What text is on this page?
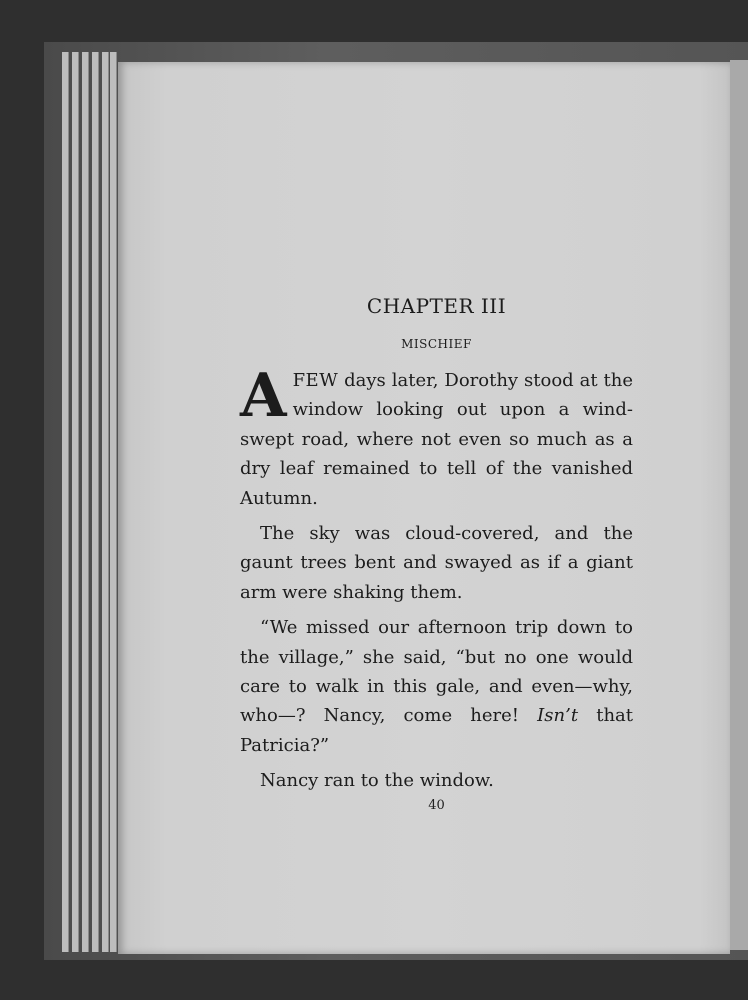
CHAPTER III
MISCHIEF

AFEW days later, Dorothy stood at the window looking out upon a wind-swept road, where not even so much as a dry leaf remained to tell of the vanished Autumn.

The sky was cloud-covered, and the gaunt trees bent and swayed as if a giant arm were shaking them.

“We missed our afternoon trip down to the village,” she said, “but no one would care to walk in this gale, and even—why, who—? Nancy, come here! Isn’t that Patricia?”

Nancy ran to the window.

40
